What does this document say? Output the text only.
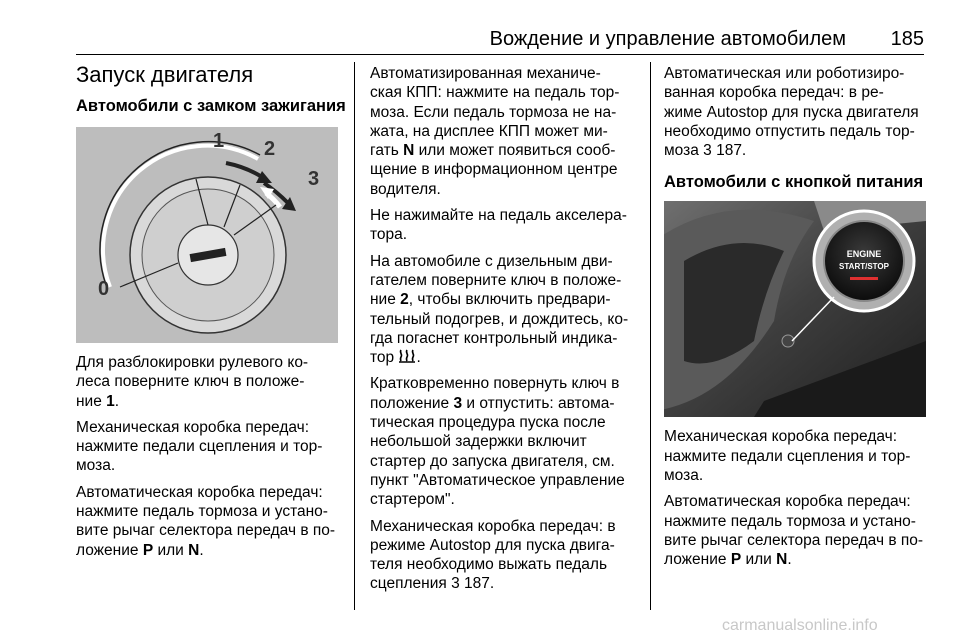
Вождение и управление автомобилем 185
Запуск двигателя
Автомобили с замком зажигания
1 2
3
0

Для разблокировки рулевого ко-
леса поверните ключ в положе-
ние 1.

Механическая коробка передач:
нажмите педали сцепления и тор-
моза.

Автоматическая коробка передач:
нажмите педаль тормоза и устано-
вите рычаг селектора передач в по-
ложение P или N.

Автоматизированная механиче-
ская КПП: нажмите на педаль тор-
моза. Если педаль тормоза не на-
жата, на дисплее КПП может ми-
гать N или может появиться сооб-
щение в информационном центре
водителя.

Не нажимайте на педаль акселера-
тора.

На автомобиле с дизельным дви-
гателем поверните ключ в положе-
ние 2, чтобы включить предвари-
тельный подогрев, и дождитесь, ко-
гда погаснет контрольный индика-
тор .

Кратковременно повернуть ключ в
положение 3 и отпустить: автома-
тическая процедура пуска после
небольшой задержки включит
стартер до запуска двигателя, см.
пункт "Автоматическое управление
стартером".

Механическая коробка передач: в
режиме Autostop для пуска двига-
теля необходимо выжать педаль
сцепления 3 187.

Автоматическая или роботизиро-
ванная коробка передач: в ре-
жиме Autostop для пуска двигателя
необходимо отпустить педаль тор-
моза 3 187.

Автомобили с кнопкой питания
ENGINE
START/STOP

Механическая коробка передач:
нажмите педали сцепления и тор-
моза.

Автоматическая коробка передач:
нажмите педаль тормоза и устано-
вите рычаг селектора передач в по-
ложение P или N.

carmanualsonline.info
